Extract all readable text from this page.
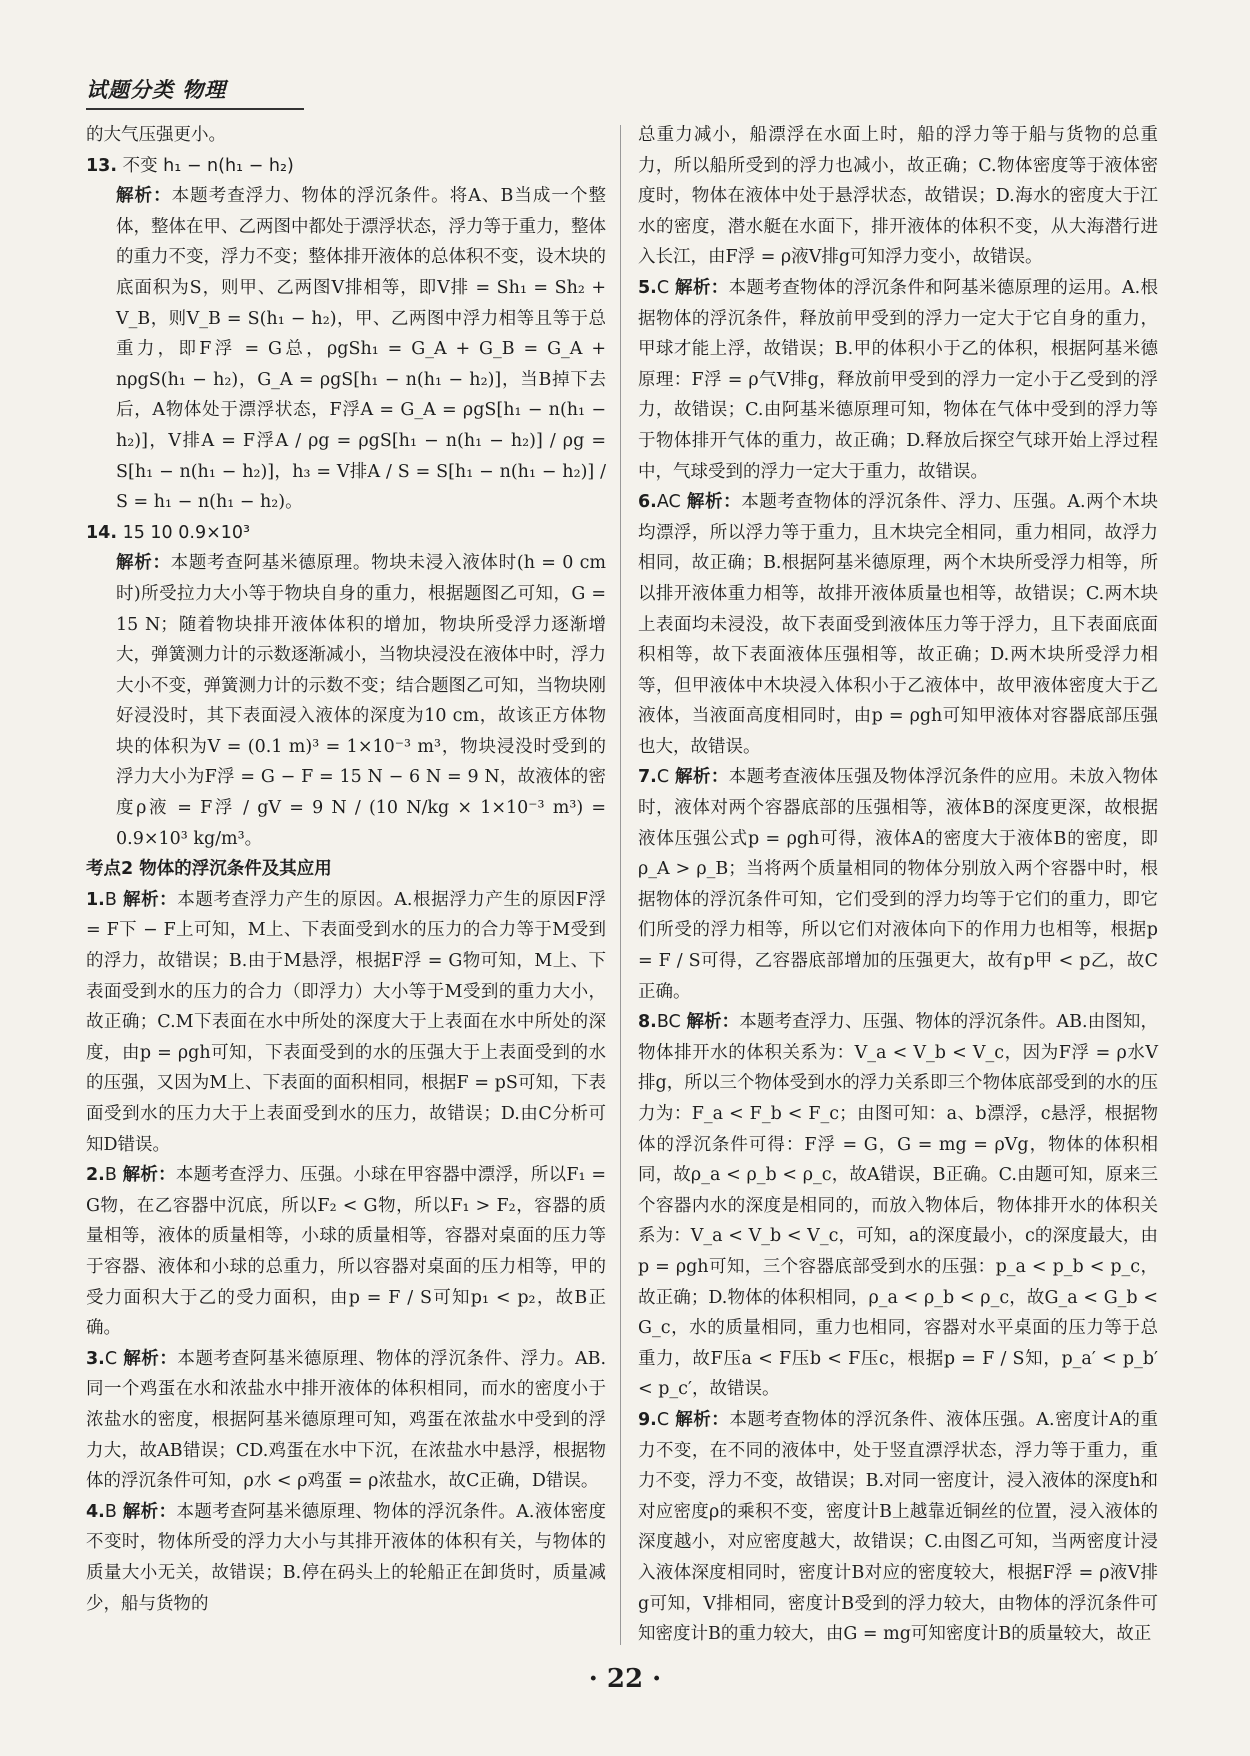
试题分类 物理

的大气压强更小。

13. 不变 h₁ − n(h₁ − h₂)

解析：本题考查浮力、物体的浮沉条件。将A、B当成一个整体，整体在甲、乙两图中都处于漂浮状态，浮力等于重力，整体的重力不变，浮力不变；整体排开液体的总体积不变，设木块的底面积为S，则甲、乙两图V排相等，即V排 = Sh₁ = Sh₂ + V_B，则V_B = S(h₁ − h₂)，甲、乙两图中浮力相等且等于总重力，即F浮 = G总，ρgSh₁ = G_A + G_B = G_A + nρgS(h₁ − h₂)，G_A = ρgS[h₁ − n(h₁ − h₂)]，当B掉下去后，A物体处于漂浮状态，F浮A = G_A = ρgS[h₁ − n(h₁ − h₂)]，V排A = F浮A / ρg = ρgS[h₁ − n(h₁ − h₂)] / ρg = S[h₁ − n(h₁ − h₂)]，h₃ = V排A / S = S[h₁ − n(h₁ − h₂)] / S = h₁ − n(h₁ − h₂)。

14. 15 10 0.9×10³

解析：本题考查阿基米德原理。物块未浸入液体时(h = 0 cm时)所受拉力大小等于物块自身的重力，根据题图乙可知，G = 15 N；随着物块排开液体体积的增加，物块所受浮力逐渐增大，弹簧测力计的示数逐渐减小，当物块浸没在液体中时，浮力大小不变，弹簧测力计的示数不变；结合题图乙可知，当物块刚好浸没时，其下表面浸入液体的深度为10 cm，故该正方体物块的体积为V = (0.1 m)³ = 1×10⁻³ m³，物块浸没时受到的浮力大小为F浮 = G − F = 15 N − 6 N = 9 N，故液体的密度ρ液 = F浮 / gV = 9 N / (10 N/kg × 1×10⁻³ m³) = 0.9×10³ kg/m³。

考点2 物体的浮沉条件及其应用

1.B 解析：本题考查浮力产生的原因。A.根据浮力产生的原因F浮 = F下 − F上可知，M上、下表面受到水的压力的合力等于M受到的浮力，故错误；B.由于M悬浮，根据F浮 = G物可知，M上、下表面受到水的压力的合力（即浮力）大小等于M受到的重力大小，故正确；C.M下表面在水中所处的深度大于上表面在水中所处的深度，由p = ρgh可知，下表面受到的水的压强大于上表面受到的水的压强，又因为M上、下表面的面积相同，根据F = pS可知，下表面受到水的压力大于上表面受到水的压力，故错误；D.由C分析可知D错误。

2.B 解析：本题考查浮力、压强。小球在甲容器中漂浮，所以F₁ = G物，在乙容器中沉底，所以F₂ < G物，所以F₁ > F₂，容器的质量相等，液体的质量相等，小球的质量相等，容器对桌面的压力等于容器、液体和小球的总重力，所以容器对桌面的压力相等，甲的受力面积大于乙的受力面积，由p = F / S可知p₁ < p₂，故B正确。

3.C 解析：本题考查阿基米德原理、物体的浮沉条件、浮力。AB.同一个鸡蛋在水和浓盐水中排开液体的体积相同，而水的密度小于浓盐水的密度，根据阿基米德原理可知，鸡蛋在浓盐水中受到的浮力大，故AB错误；CD.鸡蛋在水中下沉，在浓盐水中悬浮，根据物体的浮沉条件可知，ρ水 < ρ鸡蛋 = ρ浓盐水，故C正确，D错误。

4.B 解析：本题考查阿基米德原理、物体的浮沉条件。A.液体密度不变时，物体所受的浮力大小与其排开液体的体积有关，与物体的质量大小无关，故错误；B.停在码头上的轮船正在卸货时，质量减少，船与货物的

总重力减小，船漂浮在水面上时，船的浮力等于船与货物的总重力，所以船所受到的浮力也减小，故正确；C.物体密度等于液体密度时，物体在液体中处于悬浮状态，故错误；D.海水的密度大于江水的密度，潜水艇在水面下，排开液体的体积不变，从大海潜行进入长江，由F浮 = ρ液V排g可知浮力变小，故错误。

5.C 解析：本题考查物体的浮沉条件和阿基米德原理的运用。A.根据物体的浮沉条件，释放前甲受到的浮力一定大于它自身的重力，甲球才能上浮，故错误；B.甲的体积小于乙的体积，根据阿基米德原理：F浮 = ρ气V排g，释放前甲受到的浮力一定小于乙受到的浮力，故错误；C.由阿基米德原理可知，物体在气体中受到的浮力等于物体排开气体的重力，故正确；D.释放后探空气球开始上浮过程中，气球受到的浮力一定大于重力，故错误。

6.AC 解析：本题考查物体的浮沉条件、浮力、压强。A.两个木块均漂浮，所以浮力等于重力，且木块完全相同，重力相同，故浮力相同，故正确；B.根据阿基米德原理，两个木块所受浮力相等，所以排开液体重力相等，故排开液体质量也相等，故错误；C.两木块上表面均未浸没，故下表面受到液体压力等于浮力，且下表面底面积相等，故下表面液体压强相等，故正确；D.两木块所受浮力相等，但甲液体中木块浸入体积小于乙液体中，故甲液体密度大于乙液体，当液面高度相同时，由p = ρgh可知甲液体对容器底部压强也大，故错误。

7.C 解析：本题考查液体压强及物体浮沉条件的应用。未放入物体时，液体对两个容器底部的压强相等，液体B的深度更深，故根据液体压强公式p = ρgh可得，液体A的密度大于液体B的密度，即ρ_A > ρ_B；当将两个质量相同的物体分别放入两个容器中时，根据物体的浮沉条件可知，它们受到的浮力均等于它们的重力，即它们所受的浮力相等，所以它们对液体向下的作用力也相等，根据p = F / S可得，乙容器底部增加的压强更大，故有p甲 < p乙，故C正确。

8.BC 解析：本题考查浮力、压强、物体的浮沉条件。AB.由图知，物体排开水的体积关系为：V_a < V_b < V_c，因为F浮 = ρ水V排g，所以三个物体受到水的浮力关系即三个物体底部受到的水的压力为：F_a < F_b < F_c；由图可知：a、b漂浮，c悬浮，根据物体的浮沉条件可得：F浮 = G，G = mg = ρVg，物体的体积相同，故ρ_a < ρ_b < ρ_c，故A错误，B正确。C.由题可知，原来三个容器内水的深度是相同的，而放入物体后，物体排开水的体积关系为：V_a < V_b < V_c，可知，a的深度最小，c的深度最大，由p = ρgh可知，三个容器底部受到水的压强：p_a < p_b < p_c，故正确；D.物体的体积相同，ρ_a < ρ_b < ρ_c，故G_a < G_b < G_c，水的质量相同，重力也相同，容器对水平桌面的压力等于总重力，故F压a < F压b < F压c，根据p = F / S知，p_a′ < p_b′ < p_c′，故错误。

9.C 解析：本题考查物体的浮沉条件、液体压强。A.密度计A的重力不变，在不同的液体中，处于竖直漂浮状态，浮力等于重力，重力不变，浮力不变，故错误；B.对同一密度计，浸入液体的深度h和对应密度ρ的乘积不变，密度计B上越靠近铜丝的位置，浸入液体的深度越小，对应密度越大，故错误；C.由图乙可知，当两密度计浸入液体深度相同时，密度计B对应的密度较大，根据F浮 = ρ液V排g可知，V排相同，密度计B受到的浮力较大，由物体的浮沉条件可知密度计B的重力较大，由G = mg可知密度计B的质量较大，故正

· 22 ·
